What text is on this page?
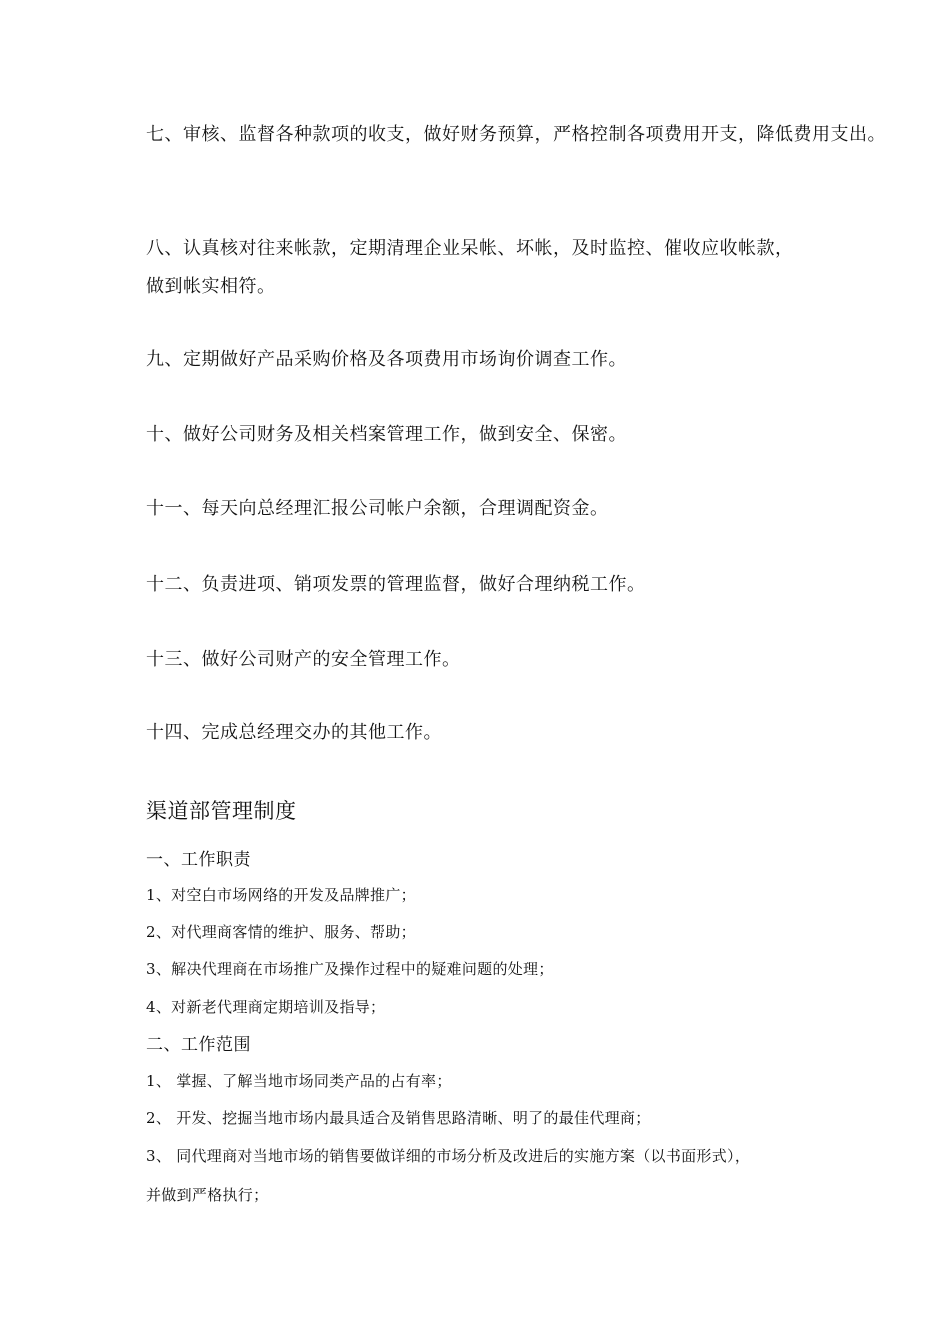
七、审核、监督各种款项的收支，做好财务预算，严格控制各项费用开支，降低费用支出。

八、认真核对往来帐款，定期清理企业呆帐、坏帐，及时监控、催收应收帐款，

做到帐实相符。

九、定期做好产品采购价格及各项费用市场询价调查工作。

十、做好公司财务及相关档案管理工作，做到安全、保密。

十一、每天向总经理汇报公司帐户余额，合理调配资金。

十二、负责进项、销项发票的管理监督，做好合理纳税工作。

十三、做好公司财产的安全管理工作。

十四、完成总经理交办的其他工作。

渠道部管理制度

一、工作职责

1、对空白市场网络的开发及品牌推广；

2、对代理商客情的维护、服务、帮助；

3、解决代理商在市场推广及操作过程中的疑难问题的处理；

4、对新老代理商定期培训及指导；

二、工作范围

1、 掌握、了解当地市场同类产品的占有率；

2、 开发、挖掘当地市场内最具适合及销售思路清晰、明了的最佳代理商；

3、 同代理商对当地市场的销售要做详细的市场分析及改进后的实施方案（以书面形式），

并做到严格执行；
